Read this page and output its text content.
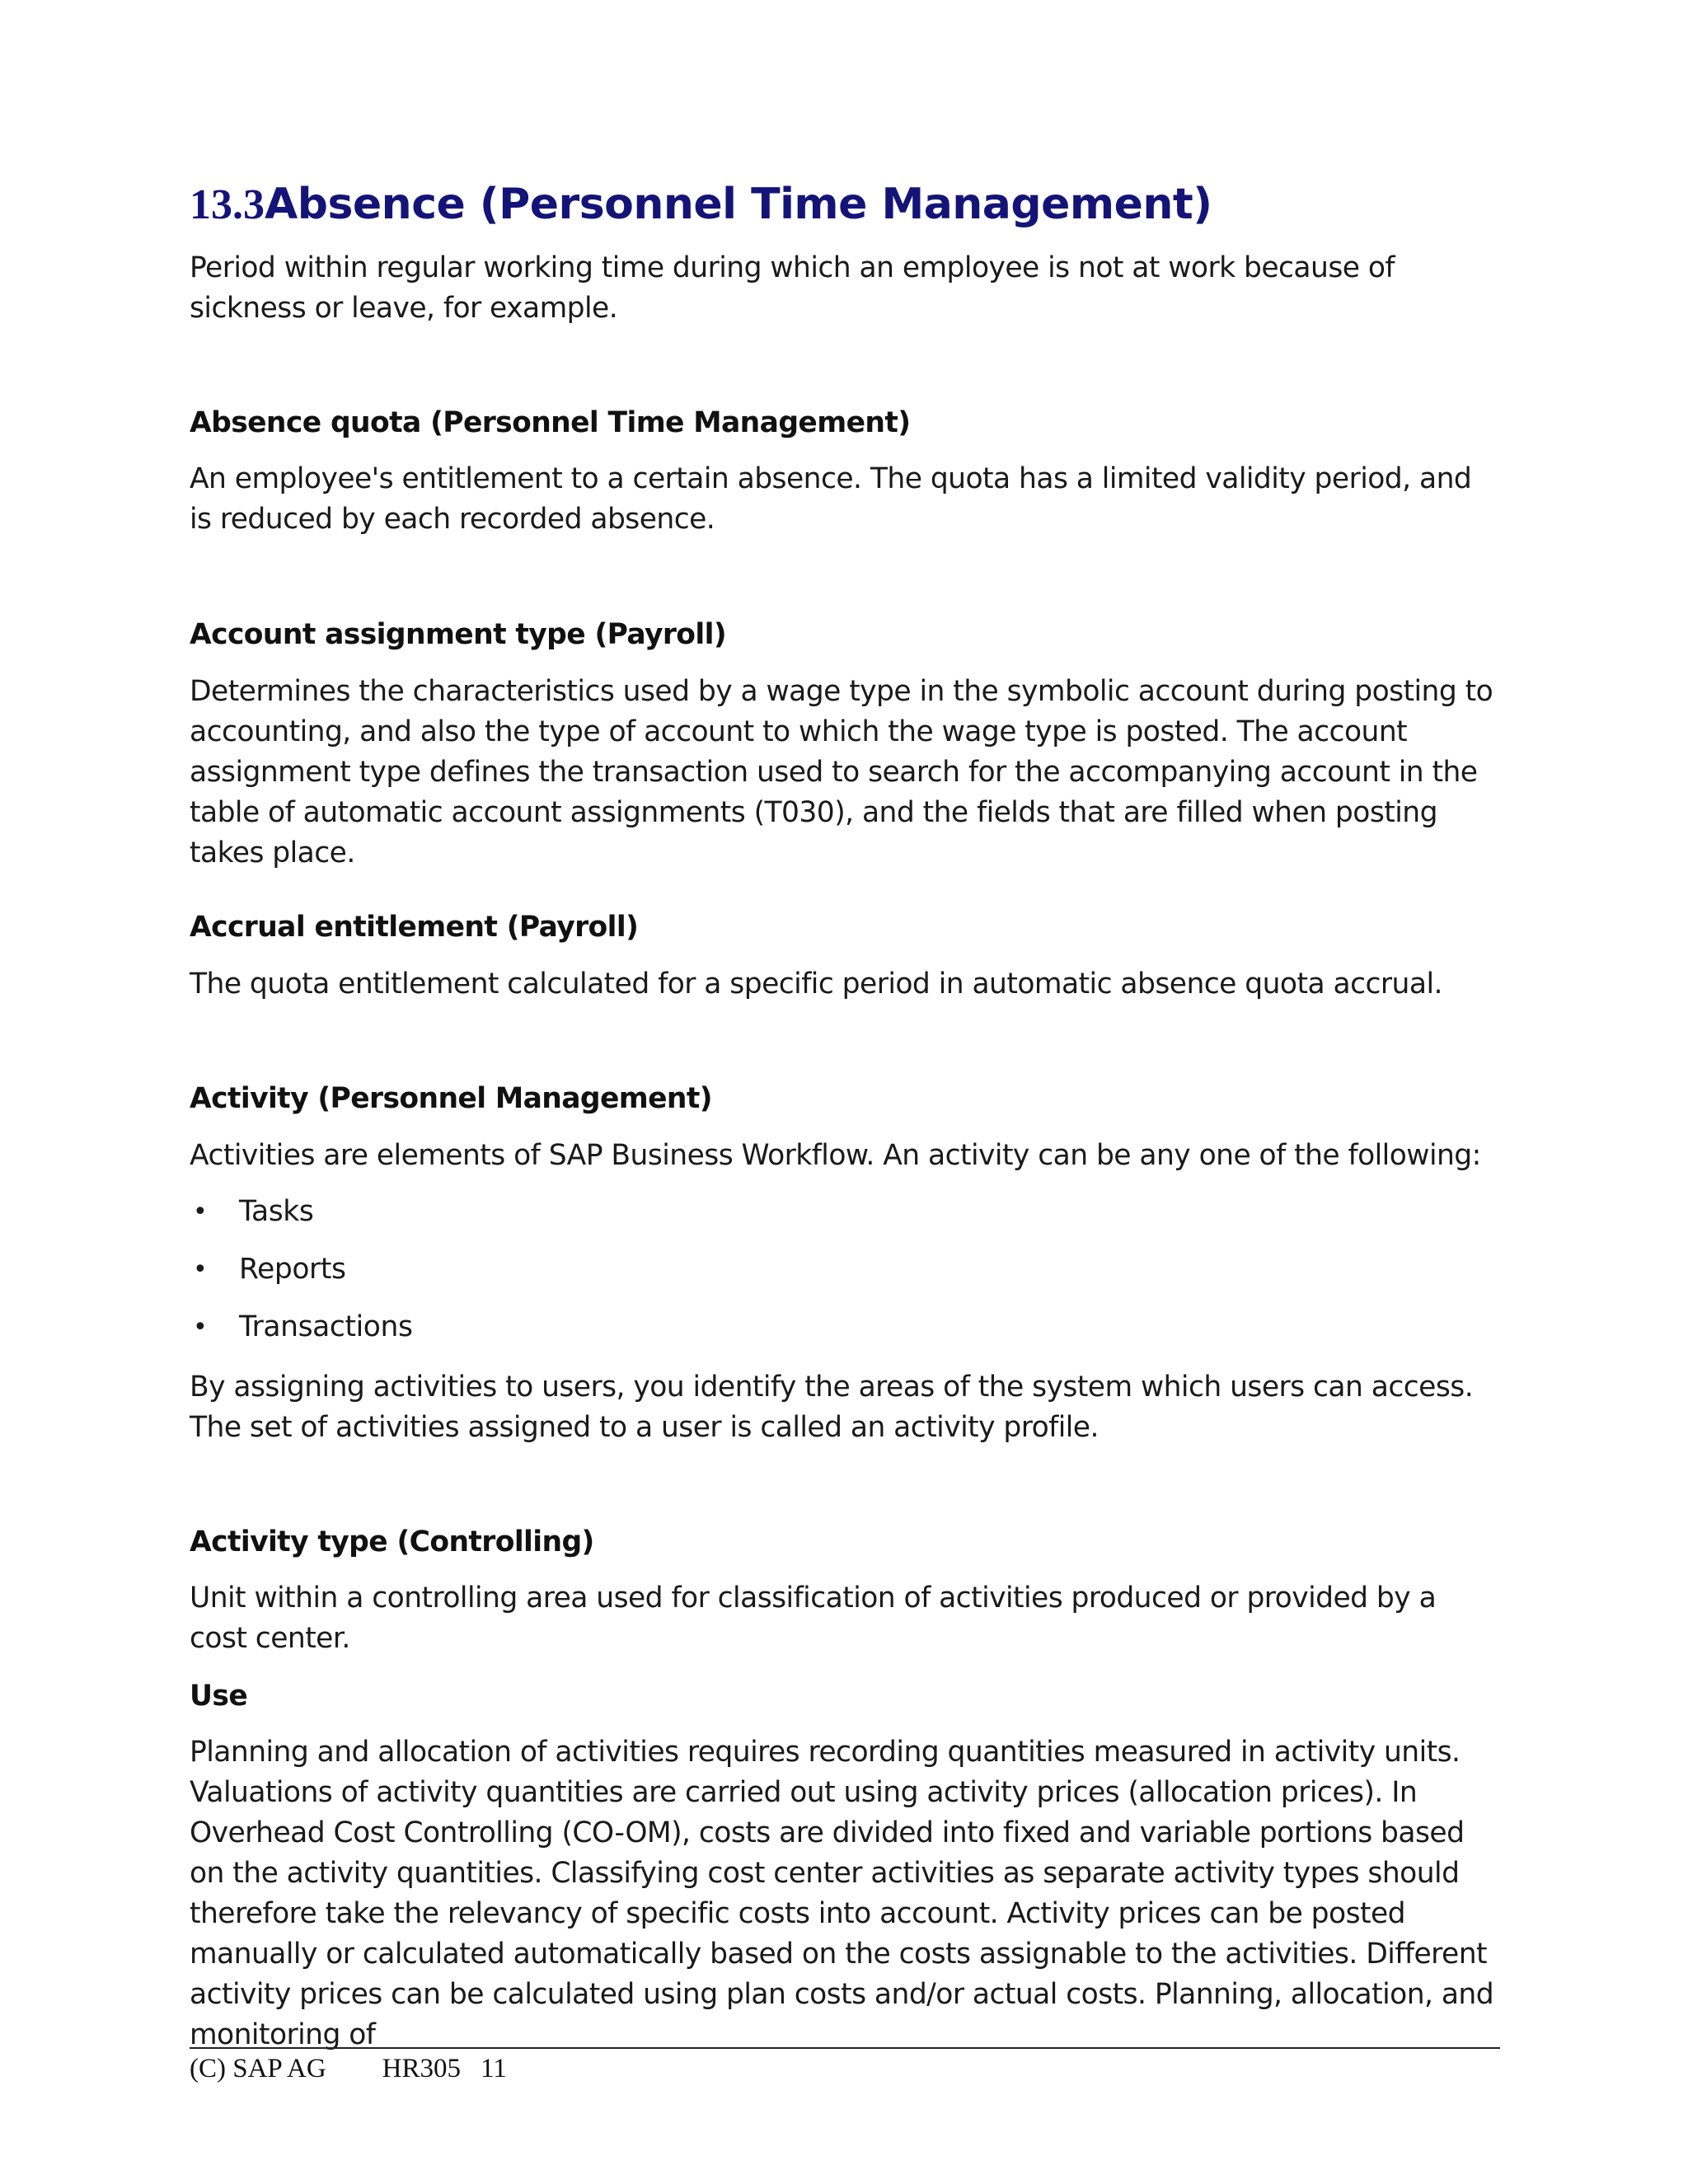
13.3Absence (Personnel Time Management)

Period within regular working time during which an employee is not at work because of sickness or leave, for example.

Absence quota (Personnel Time Management)

An employee's entitlement to a certain absence. The quota has a limited validity period, and is reduced by each recorded absence.

Account assignment type (Payroll)

Determines the characteristics used by a wage type in the symbolic account during posting to accounting, and also the type of account to which the wage type is posted. The account assignment type defines the transaction used to search for the accompanying account in the table of automatic account assignments (T030), and the fields that are filled when posting takes place.

Accrual entitlement (Payroll)

The quota entitlement calculated for a specific period in automatic absence quota accrual.

Activity (Personnel Management)

Activities are elements of SAP Business Workflow. An activity can be any one of the following:

• Tasks
• Reports
• Transactions

By assigning activities to users, you identify the areas of the system which users can access. The set of activities assigned to a user is called an activity profile.

Activity type (Controlling)

Unit within a controlling area used for classification of activities produced or provided by a cost center.

Use

Planning and allocation of activities requires recording quantities measured in activity units. Valuations of activity quantities are carried out using activity prices (allocation prices). In Overhead Cost Controlling (CO-OM), costs are divided into fixed and variable portions based on the activity quantities. Classifying cost center activities as separate activity types should therefore take the relevancy of specific costs into account. Activity prices can be posted manually or calculated automatically based on the costs assignable to the activities. Different activity prices can be calculated using plan costs and/or actual costs. Planning, allocation, and monitoring of

(C) SAP AG HR305 11
